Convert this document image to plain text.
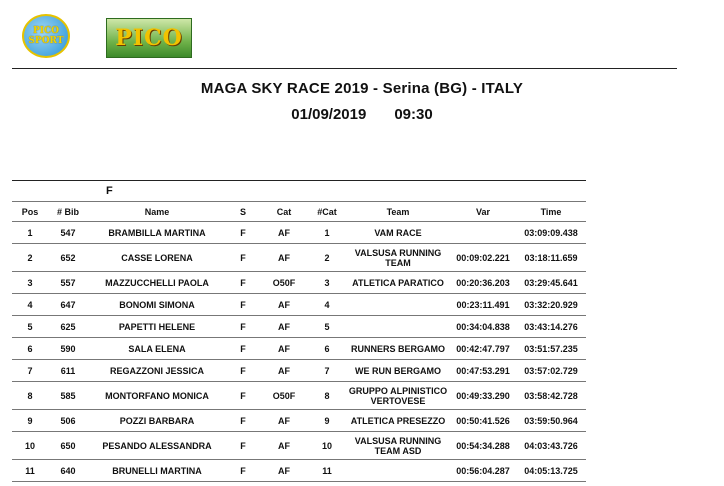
PICO
SPORT PICO
MAGA SKY RACE 2019 - Serina (BG) - ITALY
01/09/2019 09:30
		F						
Pos	# Bib	Name	S	Cat	#Cat	Team	Var	Time
1	547	BRAMBILLA MARTINA	F	AF	1	VAM RACE		03:09:09.438
2	652	CASSE LORENA	F	AF	2	VALSUSA RUNNING TEAM	00:09:02.221	03:18:11.659
3	557	MAZZUCCHELLI PAOLA	F	O50F	3	ATLETICA PARATICO	00:20:36.203	03:29:45.641
4	647	BONOMI SIMONA	F	AF	4		00:23:11.491	03:32:20.929
5	625	PAPETTI HELENE	F	AF	5		00:34:04.838	03:43:14.276
6	590	SALA ELENA	F	AF	6	RUNNERS BERGAMO	00:42:47.797	03:51:57.235
7	611	REGAZZONI JESSICA	F	AF	7	WE RUN BERGAMO	00:47:53.291	03:57:02.729
8	585	MONTORFANO MONICA	F	O50F	8	GRUPPO ALPINISTICO VERTOVESE	00:49:33.290	03:58:42.728
9	506	POZZI BARBARA	F	AF	9	ATLETICA PRESEZZO	00:50:41.526	03:59:50.964
10	650	PESANDO ALESSANDRA	F	AF	10	VALSUSA RUNNING TEAM ASD	00:54:34.288	04:03:43.726
11	640	BRUNELLI MARTINA	F	AF	11		00:56:04.287	04:05:13.725
